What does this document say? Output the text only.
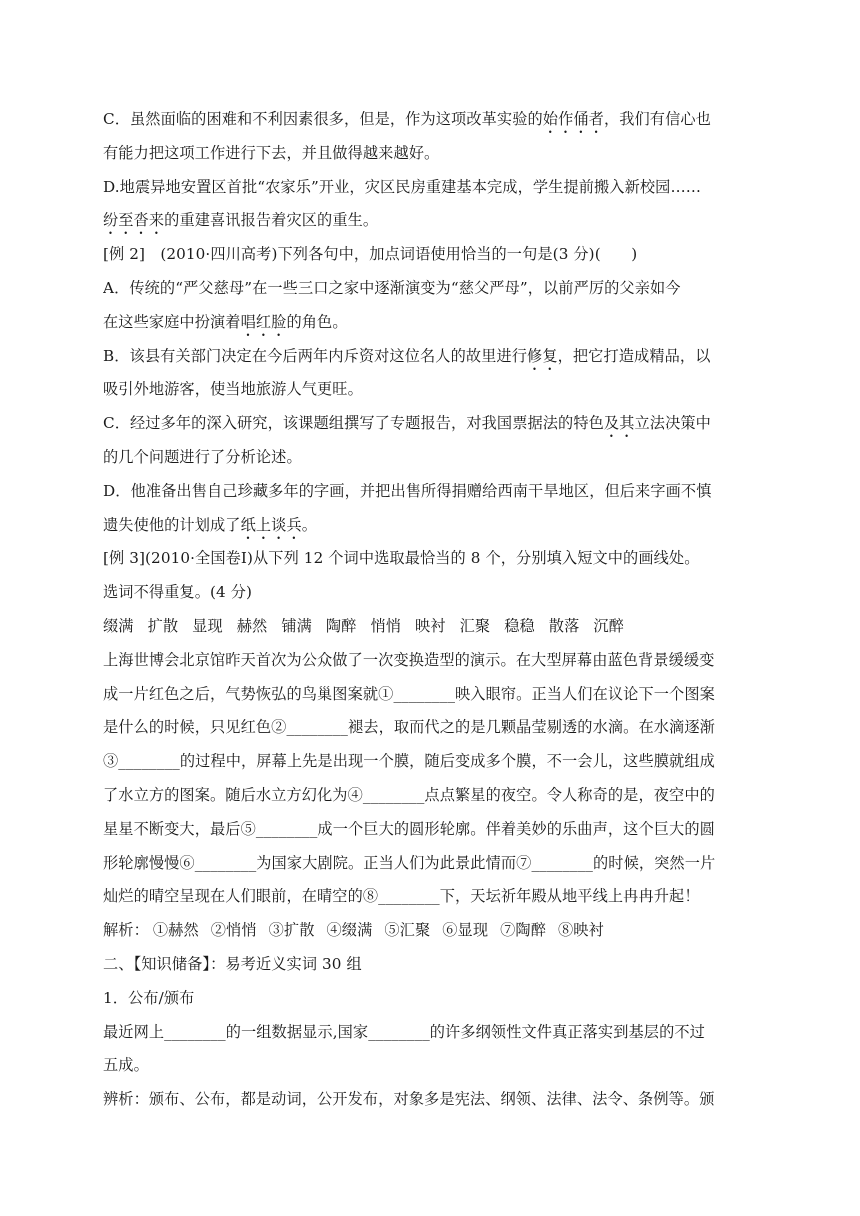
C．虽然面临的困难和不利因素很多，但是，作为这项改革实验的始作俑者，我们有信心也
有能力把这项工作进行下去，并且做得越来越好。
D.地震异地安置区首批“农家乐”开业，灾区民房重建基本完成，学生提前搬入新校园……
纷至沓来的重建喜讯报告着灾区的重生。
[例 2]　(2010·四川高考)下列各句中，加点词语使用恰当的一句是(3 分)(　　)
A．传统的“严父慈母”在一些三口之家中逐渐演变为“慈父严母”，以前严厉的父亲如今
在这些家庭中扮演着唱红脸的角色。
B．该县有关部门决定在今后两年内斥资对这位名人的故里进行修复，把它打造成精品，以
吸引外地游客，使当地旅游人气更旺。
C．经过多年的深入研究，该课题组撰写了专题报告，对我国票据法的特色及其立法决策中
的几个问题进行了分析论述。
D．他准备出售自己珍藏多年的字画，并把出售所得捐赠给西南干旱地区，但后来字画不慎
遗失使他的计划成了纸上谈兵。
[例 3](2010·全国卷Ⅰ)从下列 12 个词中选取最恰当的 8 个，分别填入短文中的画线处。
选词不得重复。(4 分)
缀满 扩散 显现 赫然 铺满 陶醉 悄悄 映衬 汇聚 稳稳 散落 沉醉
上海世博会北京馆昨天首次为公众做了一次变换造型的演示。在大型屏幕由蓝色背景缓缓变
成一片红色之后，气势恢弘的鸟巢图案就①________映入眼帘。正当人们在议论下一个图案
是什么的时候，只见红色②________褪去，取而代之的是几颗晶莹剔透的水滴。在水滴逐渐
③________的过程中，屏幕上先是出现一个膜，随后变成多个膜，不一会儿，这些膜就组成
了水立方的图案。随后水立方幻化为④________点点繁星的夜空。令人称奇的是，夜空中的
星星不断变大，最后⑤________成一个巨大的圆形轮廓。伴着美妙的乐曲声，这个巨大的圆
形轮廓慢慢⑥________为国家大剧院。正当人们为此景此情而⑦________的时候，突然一片
灿烂的晴空呈现在人们眼前，在晴空的⑧________下，天坛祈年殿从地平线上冉冉升起！
解析： ①赫然 ②悄悄 ③扩散 ④缀满 ⑤汇聚 ⑥显现 ⑦陶醉 ⑧映衬
二、【知识储备】：易考近义实词 30 组
1．公布/颁布
最近网上________的一组数据显示,国家________的许多纲领性文件真正落实到基层的不过
五成。
辨析：颁布、公布，都是动词，公开发布，对象多是宪法、纲领、法律、法令、条例等。颁
